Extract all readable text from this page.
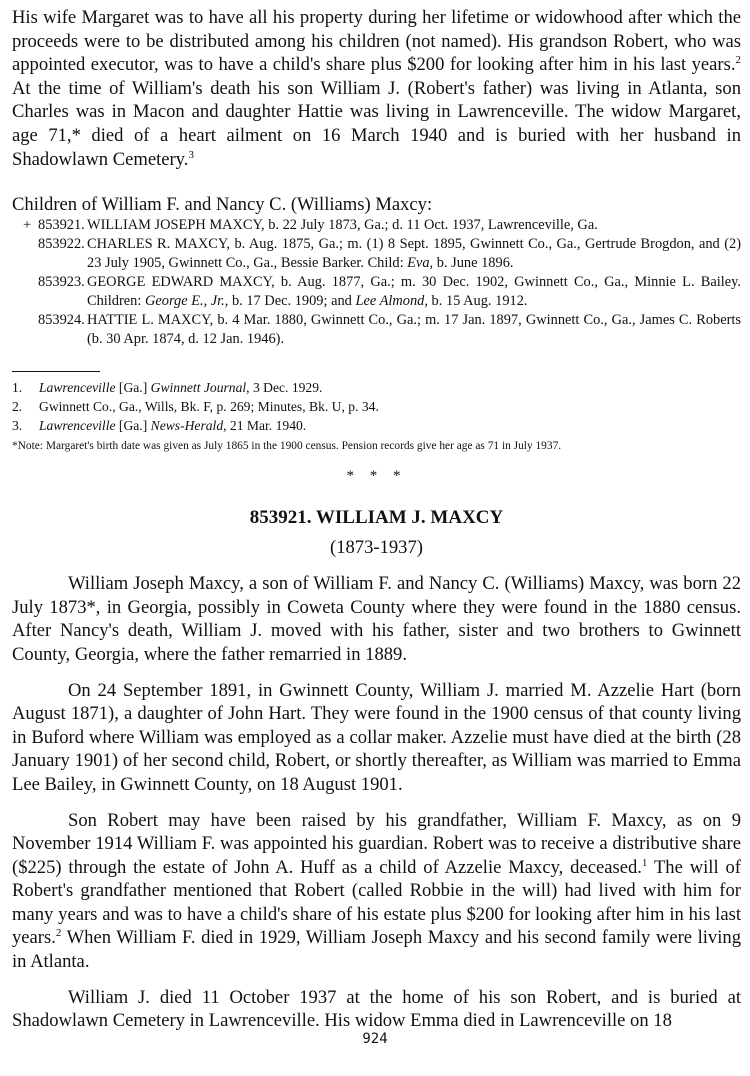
His wife Margaret was to have all his property during her lifetime or widowhood after which the proceeds were to be distributed among his children (not named). His grandson Robert, who was appointed executor, was to have a child's share plus $200 for looking after him in his last years.$^2$ At the time of William's death his son William J. (Robert's father) was living in Atlanta, son Charles was in Macon and daughter Hattie was living in Lawrenceville. The widow Margaret, age 71,* died of a heart ailment on 16 March 1940 and is buried with her husband in Shadowlawn Cemetery.$^3$

Children of William F. and Nancy C. (Williams) Maxcy:

+ 853921. WILLIAM JOSEPH MAXCY, b. 22 July 1873, Ga.; d. 11 Oct. 1937, Lawrenceville, Ga.

853922. CHARLES R. MAXCY, b. Aug. 1875, Ga.; m. (1) 8 Sept. 1895, Gwinnett Co., Ga., Gertrude Brogdon, and (2) 23 July 1905, Gwinnett Co., Ga., Bessie Barker. Child: Eva, b. June 1896.

853923. GEORGE EDWARD MAXCY, b. Aug. 1877, Ga.; m. 30 Dec. 1902, Gwinnett Co., Ga., Minnie L. Bailey. Children: George E., Jr., b. 17 Dec. 1909; and Lee Almond, b. 15 Aug. 1912.

853924. HATTIE L. MAXCY, b. 4 Mar. 1880, Gwinnett Co., Ga.; m. 17 Jan. 1897, Gwinnett Co., Ga., James C. Roberts (b. 30 Apr. 1874, d. 12 Jan. 1946).

1. Lawrenceville [Ga.] Gwinnett Journal, 3 Dec. 1929.

2. Gwinnett Co., Ga., Wills, Bk. F, p. 269; Minutes, Bk. U, p. 34.

3. Lawrenceville [Ga.] News-Herald, 21 Mar. 1940.

*Note: Margaret's birth date was given as July 1865 in the 1900 census. Pension records give her age as 71 in July 1937.

* * *

853921. WILLIAM J. MAXCY

(1873-1937)

William Joseph Maxcy, a son of William F. and Nancy C. (Williams) Maxcy, was born 22 July 1873*, in Georgia, possibly in Coweta County where they were found in the 1880 census. After Nancy's death, William J. moved with his father, sister and two brothers to Gwinnett County, Georgia, where the father remarried in 1889.

On 24 September 1891, in Gwinnett County, William J. married M. Azzelie Hart (born August 1871), a daughter of John Hart. They were found in the 1900 census of that county living in Buford where William was employed as a collar maker. Azzelie must have died at the birth (28 January 1901) of her second child, Robert, or shortly thereafter, as William was married to Emma Lee Bailey, in Gwinnett County, on 18 August 1901.

Son Robert may have been raised by his grandfather, William F. Maxcy, as on 9 November 1914 William F. was appointed his guardian. Robert was to receive a distributive share ($225) through the estate of John A. Huff as a child of Azzelie Maxcy, deceased.$^1$ The will of Robert's grandfather mentioned that Robert (called Robbie in the will) had lived with him for many years and was to have a child's share of his estate plus $200 for looking after him in his last years.$^2$ When William F. died in 1929, William Joseph Maxcy and his second family were living in Atlanta.

William J. died 11 October 1937 at the home of his son Robert, and is buried at Shadowlawn Cemetery in Lawrenceville. His widow Emma died in Lawrenceville on 18

924
